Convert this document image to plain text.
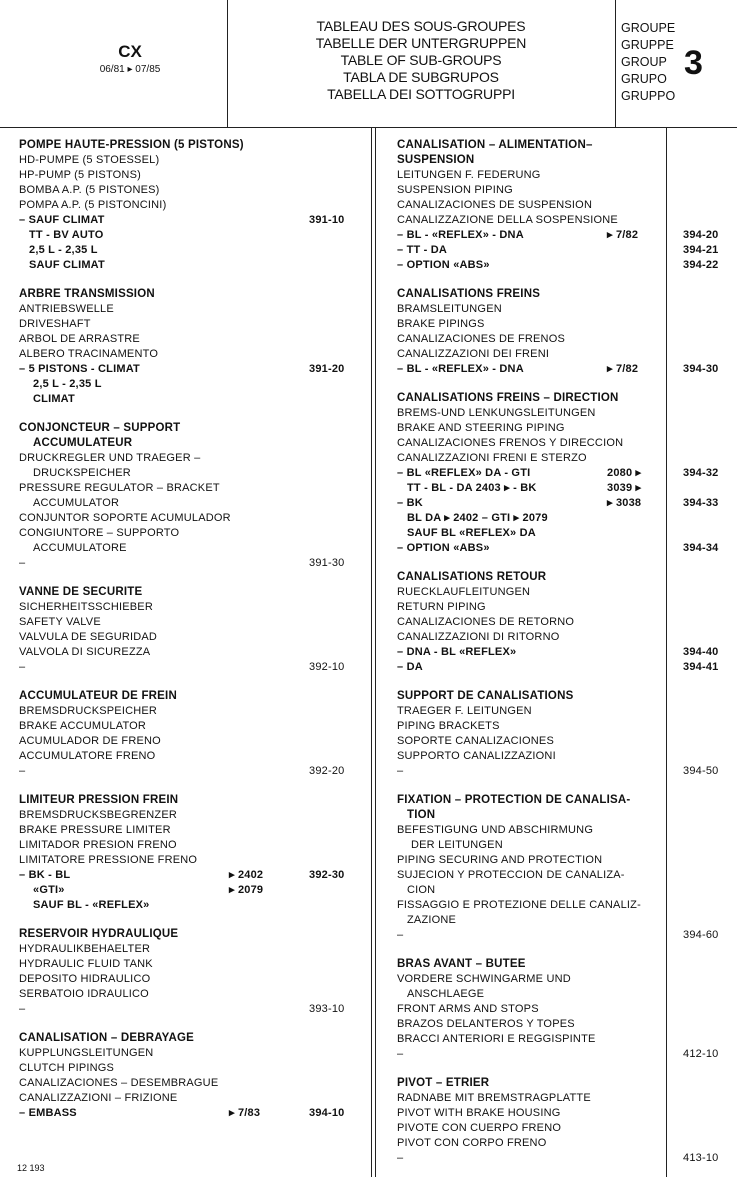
CX
06/81 ▸ 07/85
TABLEAU DES SOUS-GROUPES
TABELLE DER UNTERGRUPPEN
TABLE OF SUB-GROUPS
TABLA DE SUBGRUPOS
TABELLA DEI SOTTOGRUPPI
GROUPE
GRUPPE
GROUP
GRUPO
GRUPPO
3
POMPE HAUTE-PRESSION (5 PISTONS)
HD-PUMPE (5 STOESSEL)
HP-PUMP (5 PISTONS)
BOMBA A.P. (5 PISTONES)
POMPA A.P. (5 PISTONCINI)
– SAUF CLIMAT	391-10
TT - BV AUTO
2,5 L - 2,35 L
SAUF CLIMAT
ARBRE TRANSMISSION
ANTRIEBSWELLE
DRIVESHAFT
ARBOL DE ARRASTRE
ALBERO TRACINAMENTO
– 5 PISTONS - CLIMAT	391-20
2,5 L - 2,35 L
CLIMAT
CONJONCTEUR – SUPPORT
ACCUMULATEUR
DRUCKREGLER UND TRAEGER –
DRUCKSPEICHER
PRESSURE REGULATOR – BRACKET
ACCUMULATOR
CONJUNTOR SOPORTE ACUMULADOR
CONGIUNTORE – SUPPORTO
ACCUMULATORE
–	391-30
VANNE DE SECURITE
SICHERHEITSSCHIEBER
SAFETY VALVE
VALVULA DE SEGURIDAD
VALVOLA DI SICUREZZA
–	392-10
ACCUMULATEUR DE FREIN
BREMSDRUCKSPEICHER
BRAKE ACCUMULATOR
ACUMULADOR DE FRENO
ACCUMULATORE FRENO
–	392-20
LIMITEUR PRESSION FREIN
BREMSDRUCKSBEGRENZER
BRAKE PRESSURE LIMITER
LIMITADOR PRESION FRENO
LIMITATORE PRESSIONE FRENO
– BK - BL	▸ 2402	392-30
«GTI»	▸ 2079
SAUF BL - «REFLEX»
RESERVOIR HYDRAULIQUE
HYDRAULIKBEHAELTER
HYDRAULIC FLUID TANK
DEPOSITO HIDRAULICO
SERBATOIO IDRAULICO
–	393-10
CANALISATION – DEBRAYAGE
KUPPLUNGSLEITUNGEN
CLUTCH PIPINGS
CANALIZACIONES – DESEMBRAGUE
CANALIZZAZIONI – FRIZIONE
– EMBASS	▸ 7/83	394-10
CANALISATION – ALIMENTATION–
SUSPENSION
LEITUNGEN F. FEDERUNG
SUSPENSION PIPING
CANALIZACIONES DE SUSPENSION
CANALIZZAZIONE DELLA SOSPENSIONE
– BL - «REFLEX» - DNA	▸ 7/82	394-20
– TT - DA	394-21
– OPTION «ABS»	394-22
CANALISATIONS FREINS
BRAMSLEITUNGEN
BRAKE PIPINGS
CANALIZACIONES DE FRENOS
CANALIZZAZIONI DEI FRENI
– BL - «REFLEX» - DNA	▸ 7/82	394-30
CANALISATIONS FREINS – DIRECTION
BREMS-UND LENKUNGSLEITUNGEN
BRAKE AND STEERING PIPING
CANALIZACIONES FRENOS Y DIRECCION
CANALIZZAZIONI FRENI E STERZO
– BL «REFLEX» DA - GTI	2080 ▸	394-32
TT - BL - DA 2403 ▸ - BK	3039 ▸
– BK	▸ 3038	394-33
BL DA ▸ 2402 – GTI ▸ 2079
SAUF BL «REFLEX» DA
– OPTION «ABS»	394-34
CANALISATIONS RETOUR
RUECKLAUFLEITUNGEN
RETURN PIPING
CANALIZACIONES DE RETORNO
CANALIZZAZIONI DI RITORNO
– DNA - BL «REFLEX»	394-40
– DA	394-41
SUPPORT DE CANALISATIONS
TRAEGER F. LEITUNGEN
PIPING BRACKETS
SOPORTE CANALIZACIONES
SUPPORTO CANALIZZAZIONI
–	394-50
FIXATION – PROTECTION DE CANALISA-
TION
BEFESTIGUNG UND ABSCHIRMUNG
DER LEITUNGEN
PIPING SECURING AND PROTECTION
SUJECION Y PROTECCION DE CANALIZA-
CION
FISSAGGIO E PROTEZIONE DELLE CANALIZ-
ZAZIONE
–	394-60
BRAS AVANT – BUTEE
VORDERE SCHWINGARME UND
ANSCHLAEGE
FRONT ARMS AND STOPS
BRAZOS DELANTEROS Y TOPES
BRACCI ANTERIORI E REGGISPINTE
–	412-10
PIVOT – ETRIER
RADNABE MIT BREMSTRAGPLATTE
PIVOT WITH BRAKE HOUSING
PIVOTE CON CUERPO FRENO
PIVOT CON CORPO FRENO
–	413-10
12 193
